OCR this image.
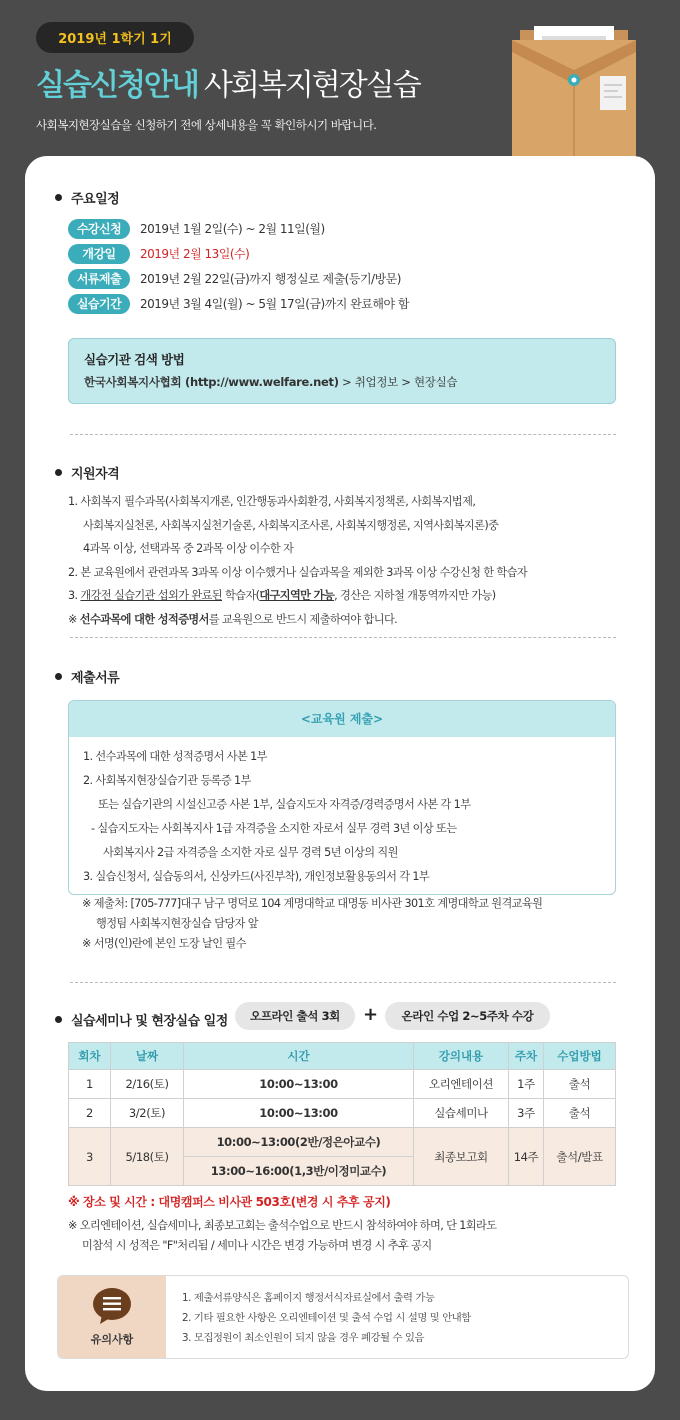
2019년 1학기 1기
실습신청안내 사회복지현장실습
사회복지현장실습을 신청하기 전에 상세내용을 꼭 확인하시기 바랍니다.
주요일정
수강신청	2019년 1월 2일(수) ~ 2월 11일(월)
개강일	2019년 2월 13일(수)
서류제출	2019년 2월 22일(금)까지 행정실로 제출(등기/방문)
실습기간	2019년 3월 4일(월) ~ 5월 17일(금)까지 완료해야 함
실습기관 검색 방법
한국사회복지사협회 (http://www.welfare.net) > 취업정보 > 현장실습
지원자격
1. 사회복지 필수과목(사회복지개론, 인간행동과사회환경, 사회복지정책론, 사회복지법제,
사회복지실천론, 사회복지실천기술론, 사회복지조사론, 사회복지행정론, 지역사회복지론)중
4과목 이상, 선택과목 중 2과목 이상 이수한 자
2. 본 교육원에서 관련과목 3과목 이상 이수했거나 실습과목을 제외한 3과목 이상 수강신청 한 학습자
3. 개강전 실습기관 섭외가 완료된 학습자(대구지역만 가능, 경산은 지하철 개통역까지만 가능)
※ 선수과목에 대한 성적증명서를 교육원으로 반드시 제출하여야 합니다.
제출서류
<교육원 제출>
1. 선수과목에 대한 성적증명서 사본 1부
2. 사회복지현장실습기관 등록증 1부
또는 실습기관의 시설신고증 사본 1부, 실습지도자 자격증/경력증명서 사본 각 1부
- 실습지도자는 사회복지사 1급 자격증을 소지한 자로서 실무 경력 3년 이상 또는
사회복지사 2급 자격증을 소지한 자로 실무 경력 5년 이상의 직원
3. 실습신청서, 실습동의서, 신상카드(사진부착), 개인정보활용동의서 각 1부
※ 제출처: [705-777]대구 남구 명덕로 104 계명대학교 대명동 비사관 301호 계명대학교 원격교육원
행정팀 사회복지현장실습 담당자 앞
※ 서명(인)란에 본인 도장 날인 필수
실습세미나 및 현장실습 일정	오프라인 출석 3회	+	온라인 수업 2~5주차 수강
회차	날짜	시간	강의내용	주차	수업방법
1	2/16(토)	10:00~13:00	오리엔테이션	1주	출석
2	3/2(토)	10:00~13:00	실습세미나	3주	출석
3	5/18(토)	10:00~13:00(2반/정은아교수)	최종보고회	14주	출석/발표
		13:00~16:00(1,3반/이정미교수)			
※ 장소 및 시간 : 대명캠퍼스 비사관 503호(변경 시 추후 공지)
※ 오리엔테이션, 실습세미나, 최종보고회는 출석수업으로 반드시 참석하여야 하며, 단 1회라도
미참석 시 성적은 "F"처리됨 / 세미나 시간은 변경 가능하며 변경 시 추후 공지
유의사항
1. 제출서류양식은 홈페이지 행정서식자료실에서 출력 가능
2. 기타 필요한 사항은 오리엔테이션 및 출석 수업 시 설명 및 안내함
3. 모집정원이 최소인원이 되지 않을 경우 폐강될 수 있음
